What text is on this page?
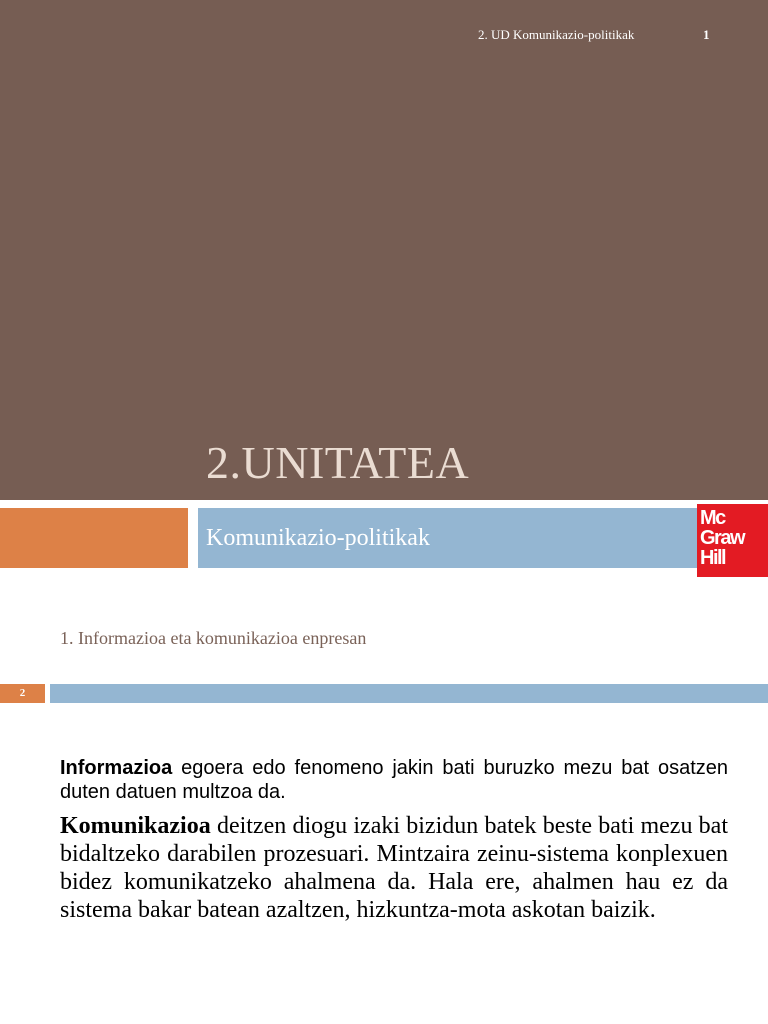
2. UD Komunikazio-politikak	1
2.UNITATEA
Komunikazio-politikak
Mc
Graw
Hill
1. Informazioa eta komunikazioa enpresan
2

Informazioa egoera edo fenomeno jakin bati buruzko mezu bat osatzen duten datuen multzoa da.

Komunikazioa deitzen diogu izaki bizidun batek beste bati mezu bat bidaltzeko darabilen prozesuari. Mintzaira zeinu-sistema konplexuen bidez komunikatzeko ahalmena da. Hala ere, ahalmen hau ez da sistema bakar batean azaltzen, hizkuntza-mota askotan baizik.
